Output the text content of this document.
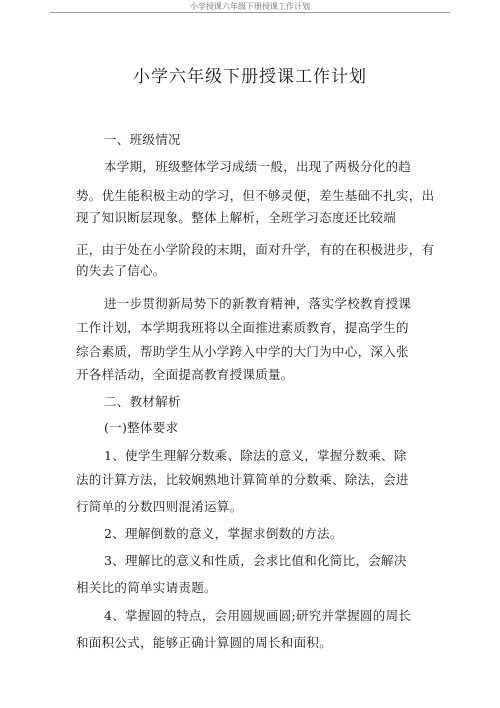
小学授课六年级下册授课工作计划
小学六年级下册授课工作计划
一、班级情况
本学期，班级整体学习成绩一般，出现了两极分化的趋
势。优生能积极主动的学习，但不够灵便，差生基础不扎实，出
现了知识断层现象。整体上解析，全班学习态度还比较端
正，由于处在小学阶段的末期，面对升学，有的在积极进步，有
的失去了信心。
进一步贯彻新局势下的新教育精神，落实学校教育授课
工作计划，本学期我班将以全面推进素质教育，提高学生的
综合素质，帮助学生从小学跨入中学的大门为中心，深入张
开各样活动，全面提高教育授课质量。
二、教材解析
(一)整体要求
1、使学生理解分数乘、除法的意义，掌握分数乘、除
法的计算方法，比较娴熟地计算简单的分数乘、除法，会进
行简单的分数四则混淆运算。
2、理解倒数的意义，掌握求倒数的方法。
3、理解比的意义和性质，会求比值和化简比，会解决
相关比的简单实请责题。
4、掌握圆的特点，会用圆规画圆;研究并掌握圆的周长
和面积公式，能够正确计算圆的周长和面积。
